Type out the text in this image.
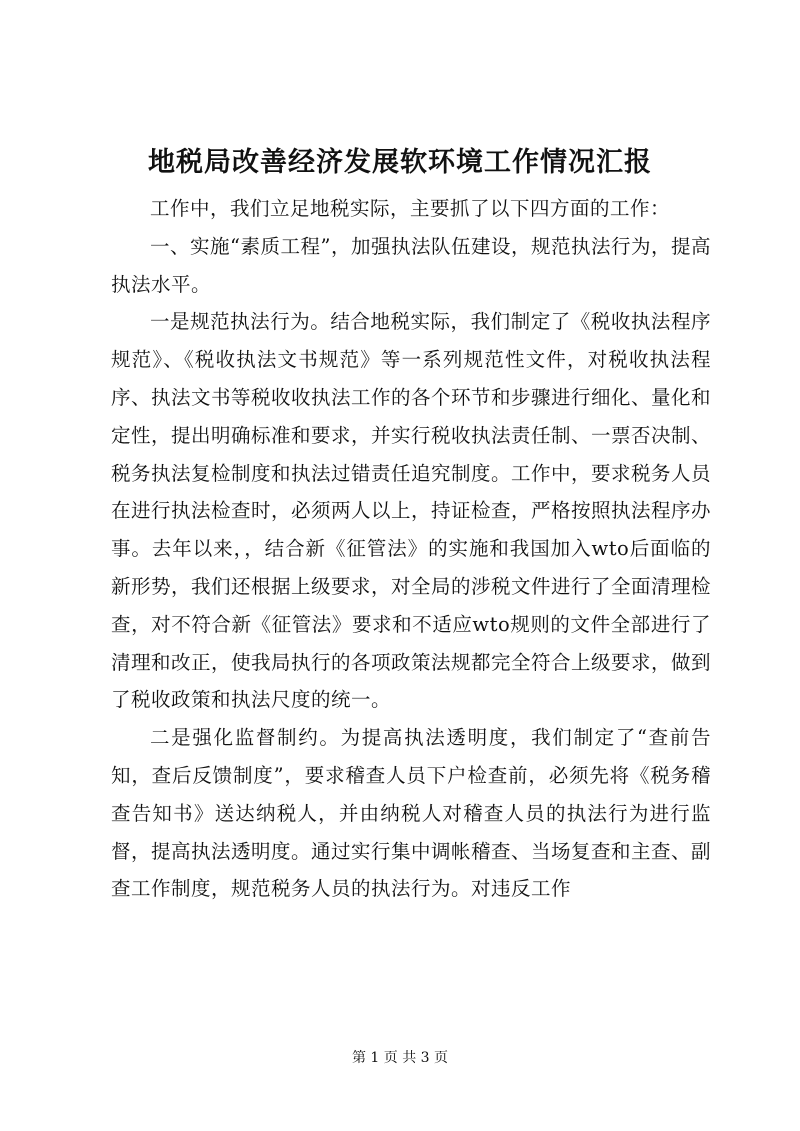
地税局改善经济发展软环境工作情况汇报

工作中，我们立足地税实际，主要抓了以下四方面的工作：

一、实施“素质工程”，加强执法队伍建设，规范执法行为，提高执法水平。

一是规范执法行为。结合地税实际，我们制定了《税收执法程序规范》、《税收执法文书规范》等一系列规范性文件，对税收执法程序、执法文书等税收收执法工作的各个环节和步骤进行细化、量化和定性，提出明确标准和要求，并实行税收执法责任制、一票否决制、税务执法复检制度和执法过错责任追究制度。工作中，要求税务人员在进行执法检查时，必须两人以上，持证检查，严格按照执法程序办事。去年以来，，结合新《征管法》的实施和我国加入wto后面临的新形势，我们还根据上级要求，对全局的涉税文件进行了全面清理检查，对不符合新《征管法》要求和不适应wto规则的文件全部进行了清理和改正，使我局执行的各项政策法规都完全符合上级要求，做到了税收政策和执法尺度的统一。

二是强化监督制约。为提高执法透明度，我们制定了“查前告知，查后反馈制度”，要求稽查人员下户检查前，必须先将《税务稽查告知书》送达纳税人，并由纳税人对稽查人员的执法行为进行监督，提高执法透明度。通过实行集中调帐稽查、当场复查和主查、副查工作制度，规范税务人员的执法行为。对违反工作

第 1 页 共 3 页
